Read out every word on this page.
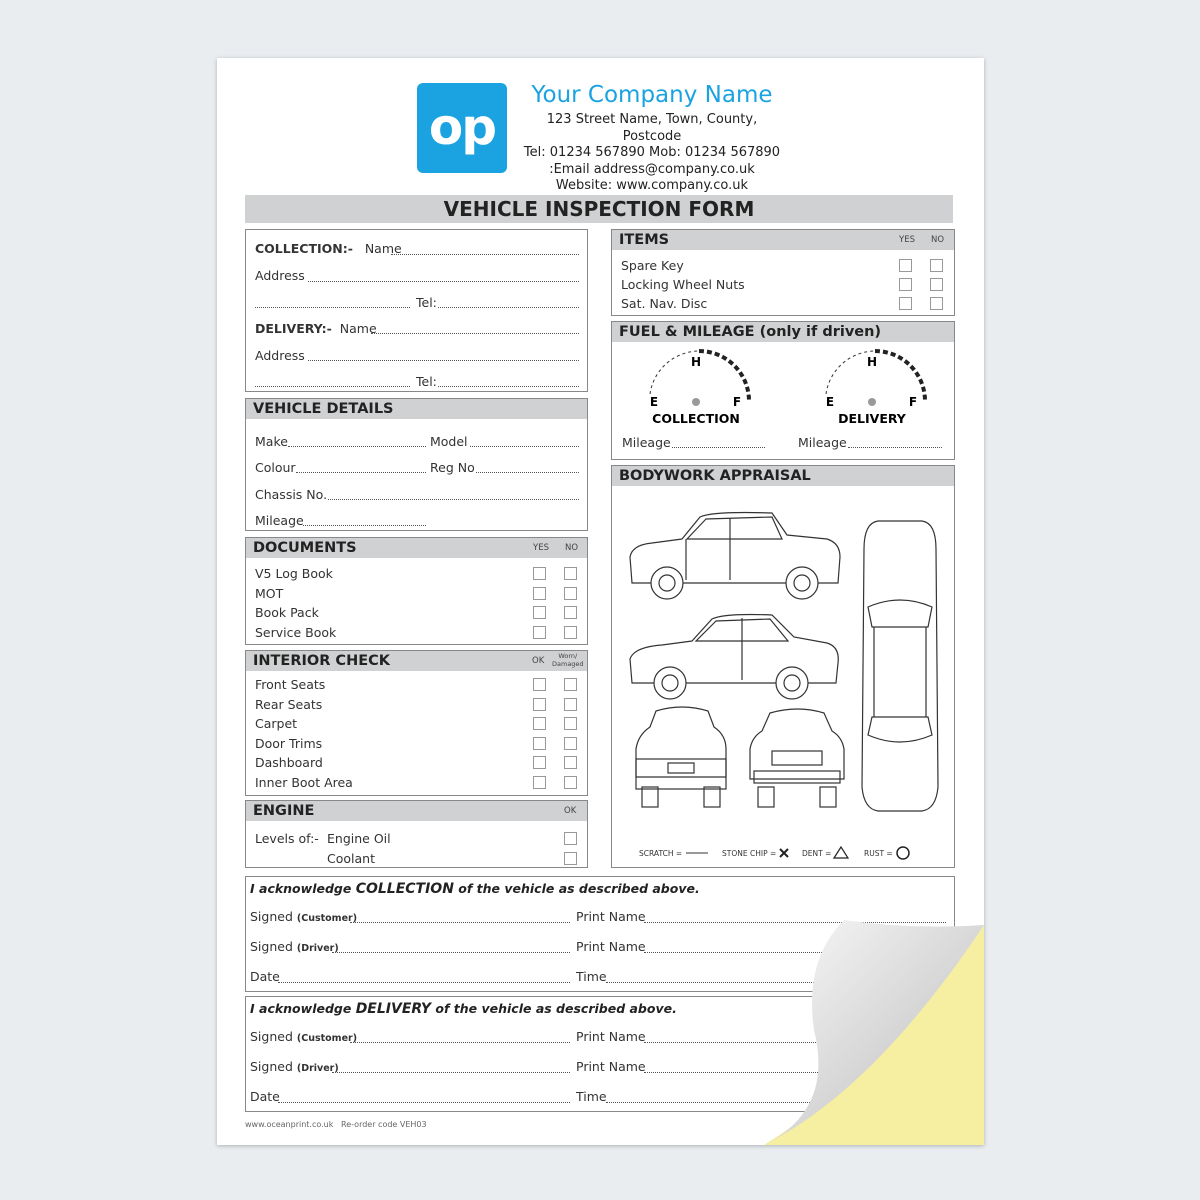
op
Your Company Name
123 Street Name, Town, County, Postcode
Tel: 01234 567890 Mob: 01234 567890
:Email address@company.co.uk
Website: www.company.co.uk
VEHICLE INSPECTION FORM
COLLECTION:- Name
Address
Tel:
DELIVERY:- Name
Address
Tel:
VEHICLE DETAILS
Make	Model
Colour	Reg No
Chassis No.
Mileage
DOCUMENTS	YES NO
V5 Log Book
MOT
Book Pack
Service Book
INTERIOR CHECK	OK	Worn/
Damaged
Front Seats
Rear Seats
Carpet
Door Trims
Dashboard
Inner Boot Area
ENGINE	OK
Levels of:- Engine Oil
Coolant
ITEMS	YES NO
Spare Key
Locking Wheel Nuts
Sat. Nav. Disc
FUEL & MILEAGE (only if driven)
H
E	F
COLLECTION
H
E	F
DELIVERY
Mileage	Mileage
BODYWORK APPRAISAL
SCRATCH =	STONE CHIP =	DENT =	RUST =
I acknowledge COLLECTION of the vehicle as described above.
Signed (Customer)	Print Name
Signed (Driver)	Print Name
Date	Time
I acknowledge DELIVERY of the vehicle as described above.
Signed (Customer)	Print Name
Signed (Driver)	Print Name
Date	Time
www.oceanprint.co.uk Re-order code VEH03
